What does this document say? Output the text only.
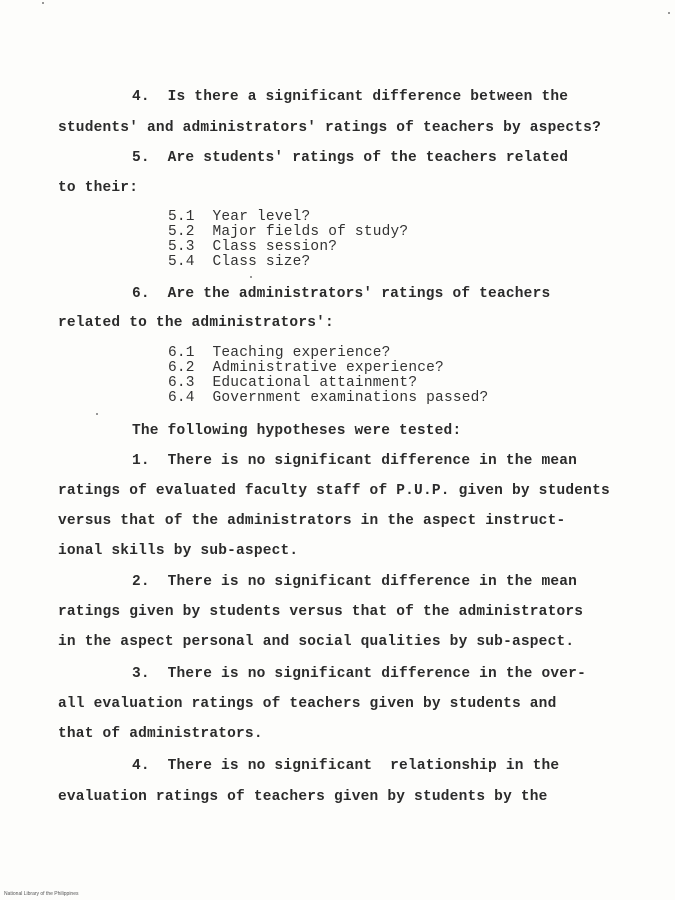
4.  Is there a significant difference between the

students' and administrators' ratings of teachers by aspects?

5.  Are students' ratings of the teachers related

to their:

5.1  Year level?

5.2  Major fields of study?

5.3  Class session?

5.4  Class size?

6.  Are the administrators' ratings of teachers

related to the administrators':

6.1  Teaching experience?

6.2  Administrative experience?

6.3  Educational attainment?

6.4  Government examinations passed?

The following hypotheses were tested:

1.  There is no significant difference in the mean

ratings of evaluated faculty staff of P.U.P. given by students

versus that of the administrators in the aspect instruct-

ional skills by sub-aspect.

2.  There is no significant difference in the mean

ratings given by students versus that of the administrators

in the aspect personal and social qualities by sub-aspect.

3.  There is no significant difference in the over-

all evaluation ratings of teachers given by students and

that of administrators.

4.  There is no significant  relationship in the

evaluation ratings of teachers given by students by the

National Library of the Philippines
